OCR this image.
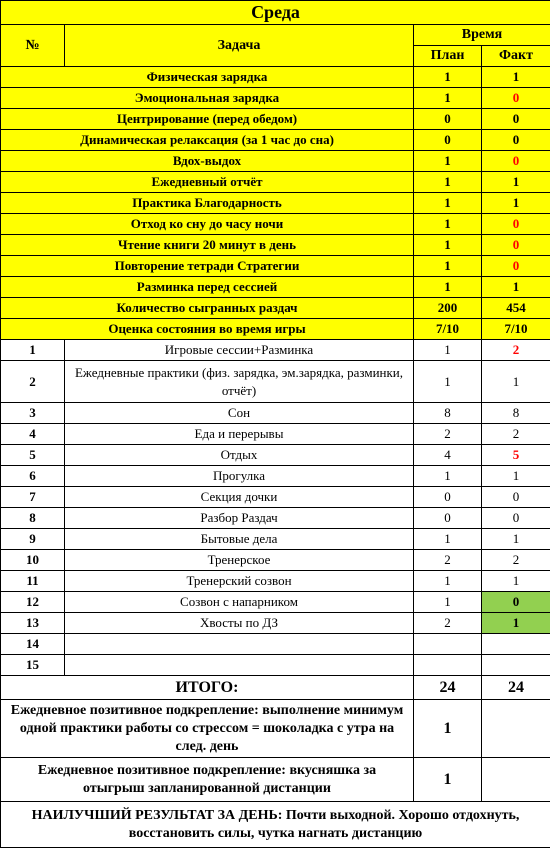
Среда			
№	Задача	Время	
		План	Факт
Физическая зарядка		1	1
Эмоциональная зарядка		1	0
Центрирование (перед обедом)		0	0
Динамическая релаксация (за 1 час до сна)		0	0
Вдох-выдох		1	0
Ежедневный отчёт		1	1
Практика Благодарность		1	1
Отход ко сну до часу ночи		1	0
Чтение книги 20 минут в день		1	0
Повторение тетради Стратегии		1	0
Разминка перед сессией		1	1
Количество сыгранных раздач		200	454
Оценка состояния во время игры		7/10	7/10
1	Игровые сессии+Разминка	1	2
2	Ежедневные практики (физ. зарядка, эм.зарядка, разминки, отчёт)	1	1
3	Сон	8	8
4	Еда и перерывы	2	2
5	Отдых	4	5
6	Прогулка	1	1
7	Секция дочки	0	0
8	Разбор Раздач	0	0
9	Бытовые дела	1	1
10	Тренерское	2	2
11	Тренерский созвон	1	1
12	Созвон с напарником	1	0
13	Хвосты по ДЗ	2	1
14			
15			
ИТОГО:		24	24
Ежедневное позитивное подкрепление: выполнение минимум одной практики работы со стрессом = шоколадка с утра на след. день		1	
Ежедневное позитивное подкрепление: вкусняшка за отыгрыш запланированной дистанции		1	
НАИЛУЧШИЙ РЕЗУЛЬТАТ ЗА ДЕНЬ: Почти выходной. Хорошо отдохнуть, восстановить силы, чутка нагнать дистанцию			
